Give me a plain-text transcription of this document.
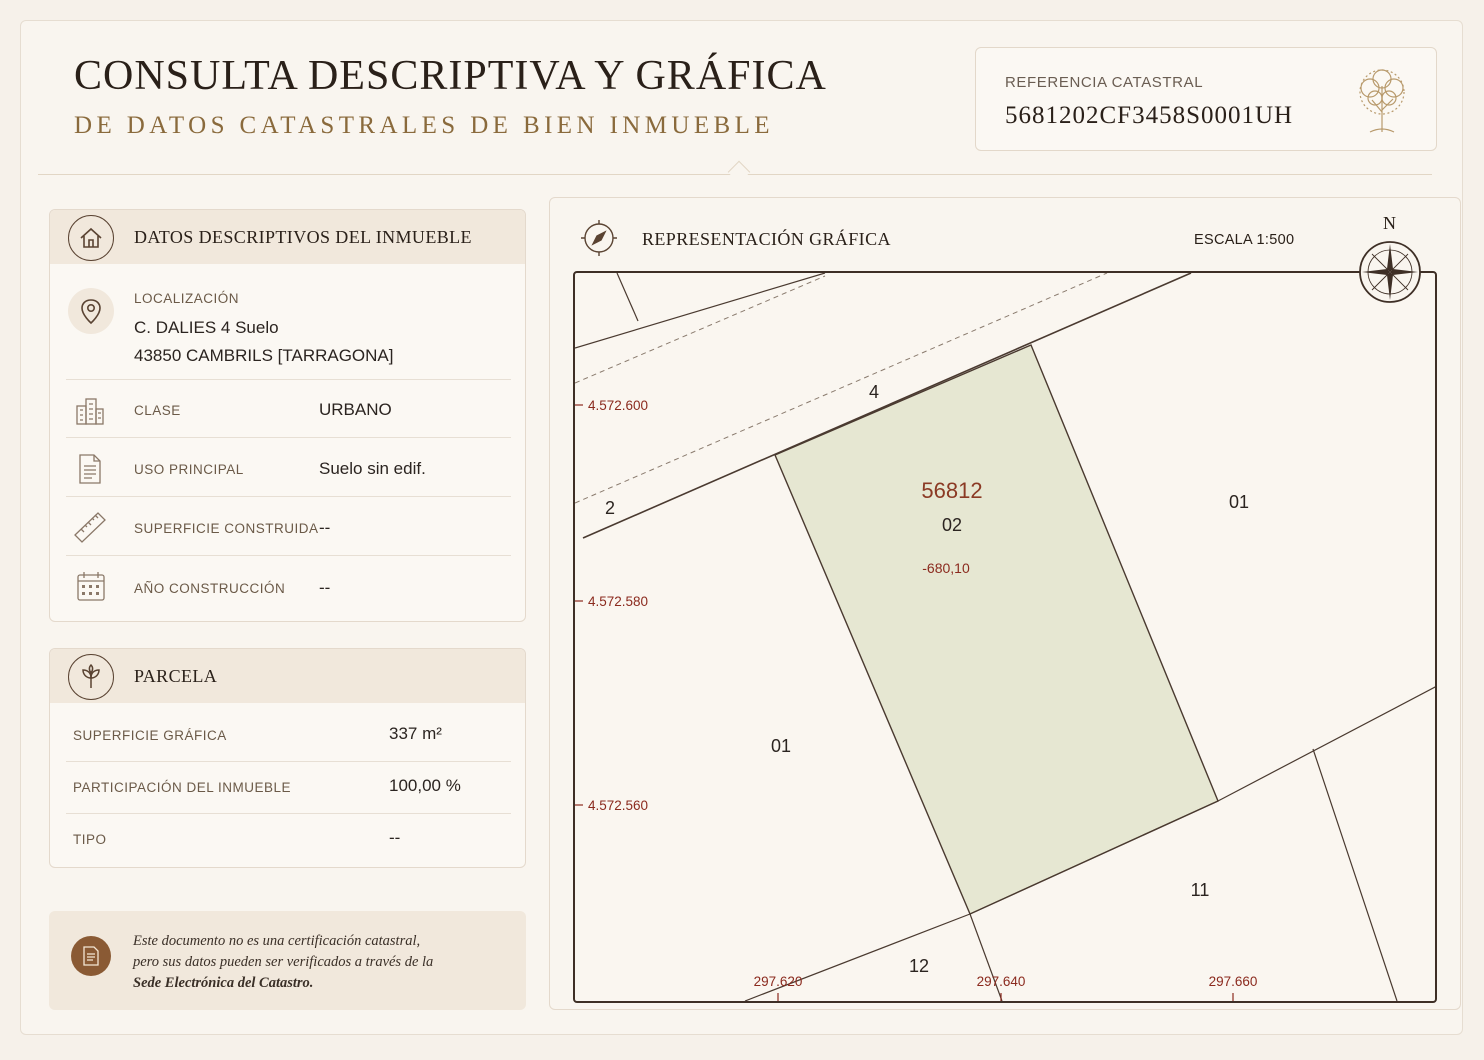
CONSULTA DESCRIPTIVA Y GRÁFICA
DE DATOS CATASTRALES DE BIEN INMUEBLE
REFERENCIA CATASTRAL
5681202CF3458S0001UH
DATOS DESCRIPTIVOS DEL INMUEBLE
LOCALIZACIÓN
C. DALIES 4 Suelo
43850 CAMBRILS [TARRAGONA]
CLASE	URBANO
USO PRINCIPAL	Suelo sin edif.
SUPERFICIE CONSTRUIDA --
AÑO CONSTRUCCIÓN --
PARCELA
SUPERFICIE GRÁFICA	337 m²
PARTICIPACIÓN DEL INMUEBLE	100,00 %
TIPO	--
Este documento no es una certificación catastral,
pero sus datos pueden ser verificados a través de la
Sede Electrónica del Catastro.
REPRESENTACIÓN GRÁFICA	ESCALA 1:500
4.572.600
4.572.580
4.572.560
297.620	297.640	297.660
56812
02
-680,10
01
01
11
12
4
2
N
